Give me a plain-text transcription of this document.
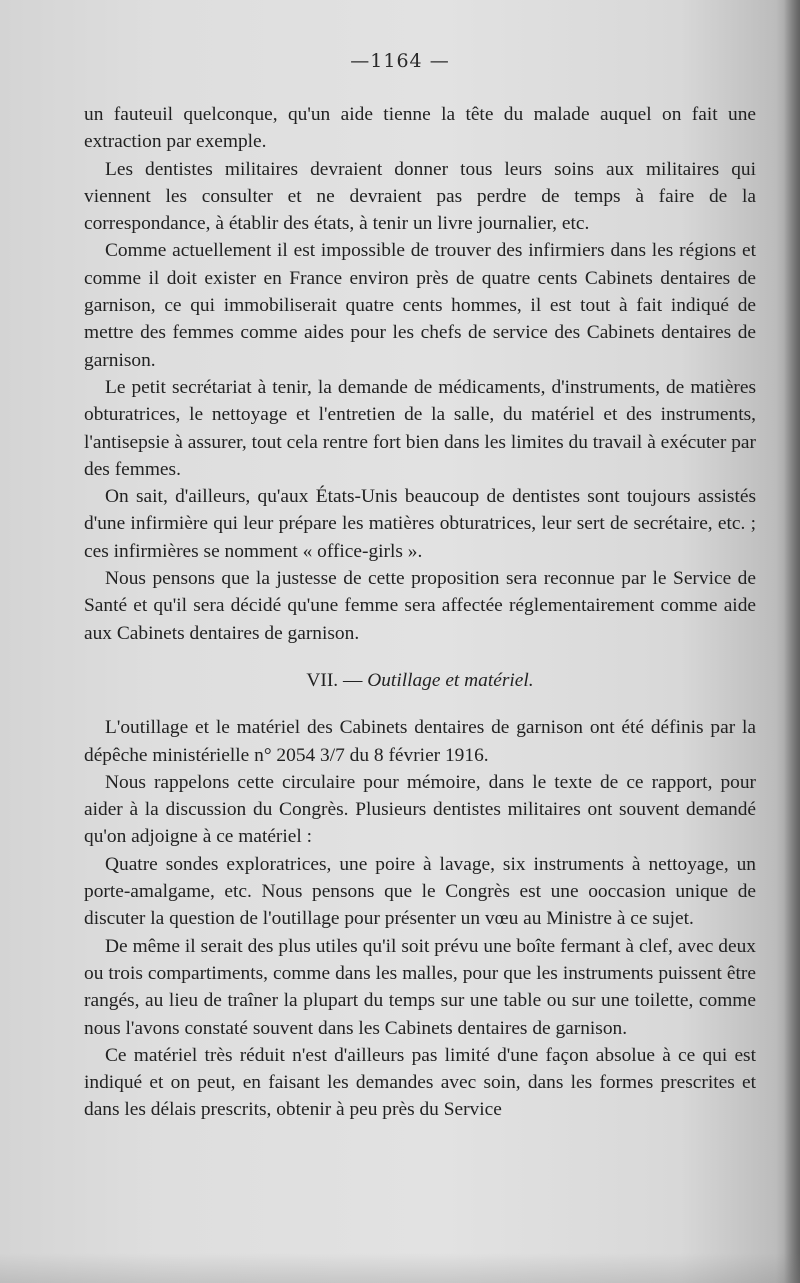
—1164 —

un fauteuil quelconque, qu'un aide tienne la tête du malade auquel on fait une extraction par exemple.

Les dentistes militaires devraient donner tous leurs soins aux militaires qui viennent les consulter et ne devraient pas perdre de temps à faire de la correspondance, à établir des états, à tenir un livre journalier, etc.

Comme actuellement il est impossible de trouver des infirmiers dans les régions et comme il doit exister en France environ près de quatre cents Cabinets dentaires de garnison, ce qui immobiliserait quatre cents hommes, il est tout à fait indiqué de mettre des femmes comme aides pour les chefs de service des Cabinets dentaires de garnison.

Le petit secrétariat à tenir, la demande de médicaments, d'instruments, de matières obturatrices, le nettoyage et l'entretien de la salle, du matériel et des instruments, l'antisepsie à assurer, tout cela rentre fort bien dans les limites du travail à exécuter par des femmes.

On sait, d'ailleurs, qu'aux États-Unis beaucoup de dentistes sont toujours assistés d'une infirmière qui leur prépare les matières obturatrices, leur sert de secrétaire, etc. ; ces infirmières se nomment « office-girls ».

Nous pensons que la justesse de cette proposition sera reconnue par le Service de Santé et qu'il sera décidé qu'une femme sera affectée réglementairement comme aide aux Cabinets dentaires de garnison.

VII. — Outillage et matériel.

L'outillage et le matériel des Cabinets dentaires de garnison ont été définis par la dépêche ministérielle n° 2054 3/7 du 8 février 1916.

Nous rappelons cette circulaire pour mémoire, dans le texte de ce rapport, pour aider à la discussion du Congrès. Plusieurs dentistes militaires ont souvent demandé qu'on adjoigne à ce matériel :

Quatre sondes exploratrices, une poire à lavage, six instruments à nettoyage, un porte-amalgame, etc. Nous pensons que le Congrès est une ooccasion unique de discuter la question de l'outillage pour présenter un vœu au Ministre à ce sujet.

De même il serait des plus utiles qu'il soit prévu une boîte fermant à clef, avec deux ou trois compartiments, comme dans les malles, pour que les instruments puissent être rangés, au lieu de traîner la plupart du temps sur une table ou sur une toilette, comme nous l'avons constaté souvent dans les Cabinets dentaires de garnison.

Ce matériel très réduit n'est d'ailleurs pas limité d'une façon absolue à ce qui est indiqué et on peut, en faisant les demandes avec soin, dans les formes prescrites et dans les délais prescrits, obtenir à peu près du Service
